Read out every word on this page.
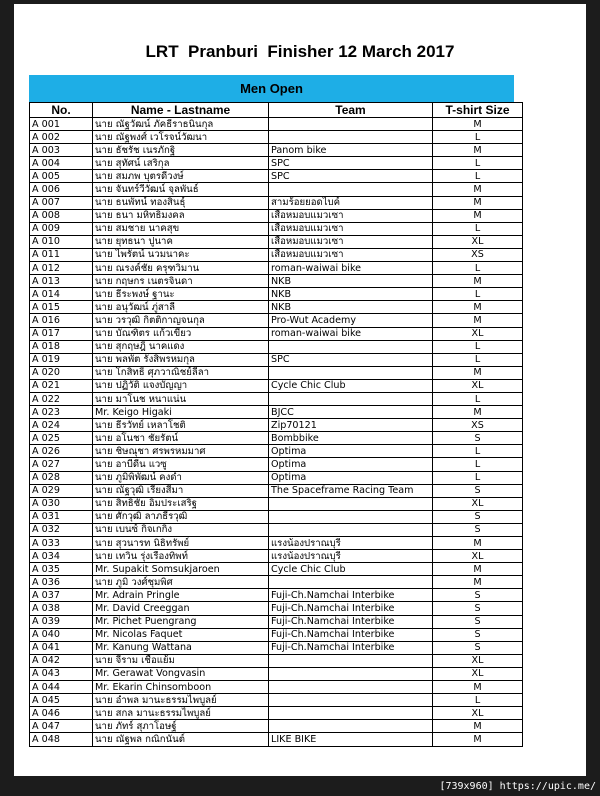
LRT  Pranburi  Finisher 12 March 2017
Men Open
No.	Name - Lastname	Team	T-shirt Size
A 001	นาย ณัฐวัฒน์ ภัคธีราธนินกุล		M
A 002	นาย ณัฐพงศ์ เวโรจน์วัฒนา		L
A 003	นาย ธัชรัช เนรภักฐิ	Panom bike	M
A 004	นาย สุทัศน์ เสริกุล	SPC	L
A 005	นาย สมภพ บุตรดีวงษ์	SPC	L
A 006	นาย จันทร์วีวัฒน์ จุลพันธ์		M
A 007	นาย ธนพัทน์ ทองสินธุ์	สามร้อยยอดไบค์	M
A 008	นาย ธนา มหิทธิมงคล	เสือหมอบแมวเซา	M
A 009	นาย สมชาย นาคสุข	เสือหมอบแมวเซา	L
A 010	นาย ยุทธนา ปูนาค	เสือหมอบแมวเซา	XL
A 011	นาย ไพรัตน์ นวมนาคะ	เสือหมอบแมวเซา	XS
A 012	นาย ณรงค์ชัย ครุฑวิมาน	roman-waiwai bike	L
A 013	นาย กฤษกร เนตรจินดา	NKB	M
A 014	นาย ธีระพงษ์ ฐานะ	NKB	L
A 015	นาย อนุวัฒน์ ภู่สาลี	NKB	M
A 016	นาย วรวุฒิ กิตติกาญจนกุล	Pro-Wut Academy	M
A 017	นาย บัณฑิตร แก้วเขียว	roman-waiwai bike	XL
A 018	นาย สุกฤษฎิ์ นาคแดง		L
A 019	นาย พลพัต รังสิพรหมกุล	SPC	L
A 020	นาย โกสิทธิ์ ศุภวาณิชย์ลีลา		M
A 021	นาย ปฏิวัติ แจงบัญญา	Cycle Chic Club	XL
A 022	นาย มาโนช หนาแน่น		L
A 023	Mr. Keigo Higaki	BJCC	M
A 024	นาย ธีรวัทย์ เหลาโชติ	Zip70121	XS
A 025	นาย อโนชา ชัยรัตน์	Bombbike	S
A 026	นาย ชิษณุชา ศรพรหมมาศ	Optima	L
A 027	นาย อาบีดีน แวซู	Optima	L
A 028	นาย ภูมิพิพัฒน์ คงดำ	Optima	L
A 029	นาย ณัฐวุฒิ เรียงสีมา	The Spaceframe Racing Team	S
A 030	นาย สิทธิชัย อิ่มประเสริฐ		XL
A 031	นาย ศักวุฒิ ลาภธีรวุฒิ		S
A 032	นาย เบนซ์ กิจเกกิง		S
A 033	นาย สุวนารท นิธิทรัพย์	แรงน้องปราณบุรี	M
A 034	นาย เทวิน รุ่งเรืองทิพท์	แรงน้องปราณบุรี	XL
A 035	Mr. Supakit Somsukjaroen	Cycle Chic Club	M
A 036	นาย ภูมิ วงศ์ชุมพิศ		M
A 037	Mr. Adrain Pringle	Fuji-Ch.Namchai Interbike	S
A 038	Mr. David Creeggan	Fuji-Ch.Namchai Interbike	S
A 039	Mr. Pichet Puengrang	Fuji-Ch.Namchai Interbike	S
A 040	Mr. Nicolas Faquet	Fuji-Ch.Namchai Interbike	S
A 041	Mr. Kanung Wattana	Fuji-Ch.Namchai Interbike	S
A 042	นาย จีราม เชื้อแย้ม		XL
A 043	Mr. Gerawat Vongvasin		XL
A 044	Mr. Ekarin Chinsomboon		M
A 045	นาย อำพล มานะธรรมไพบูลย์		L
A 046	นาย สกล มานะธรรมไพบูลย์		XL
A 047	นาย ภัทร์ สุภาโอษฐ์		M
A 048	นาย ณัฐพล กณิกนันต์	LIKE BIKE	M
[739x960] https://upic.me/
